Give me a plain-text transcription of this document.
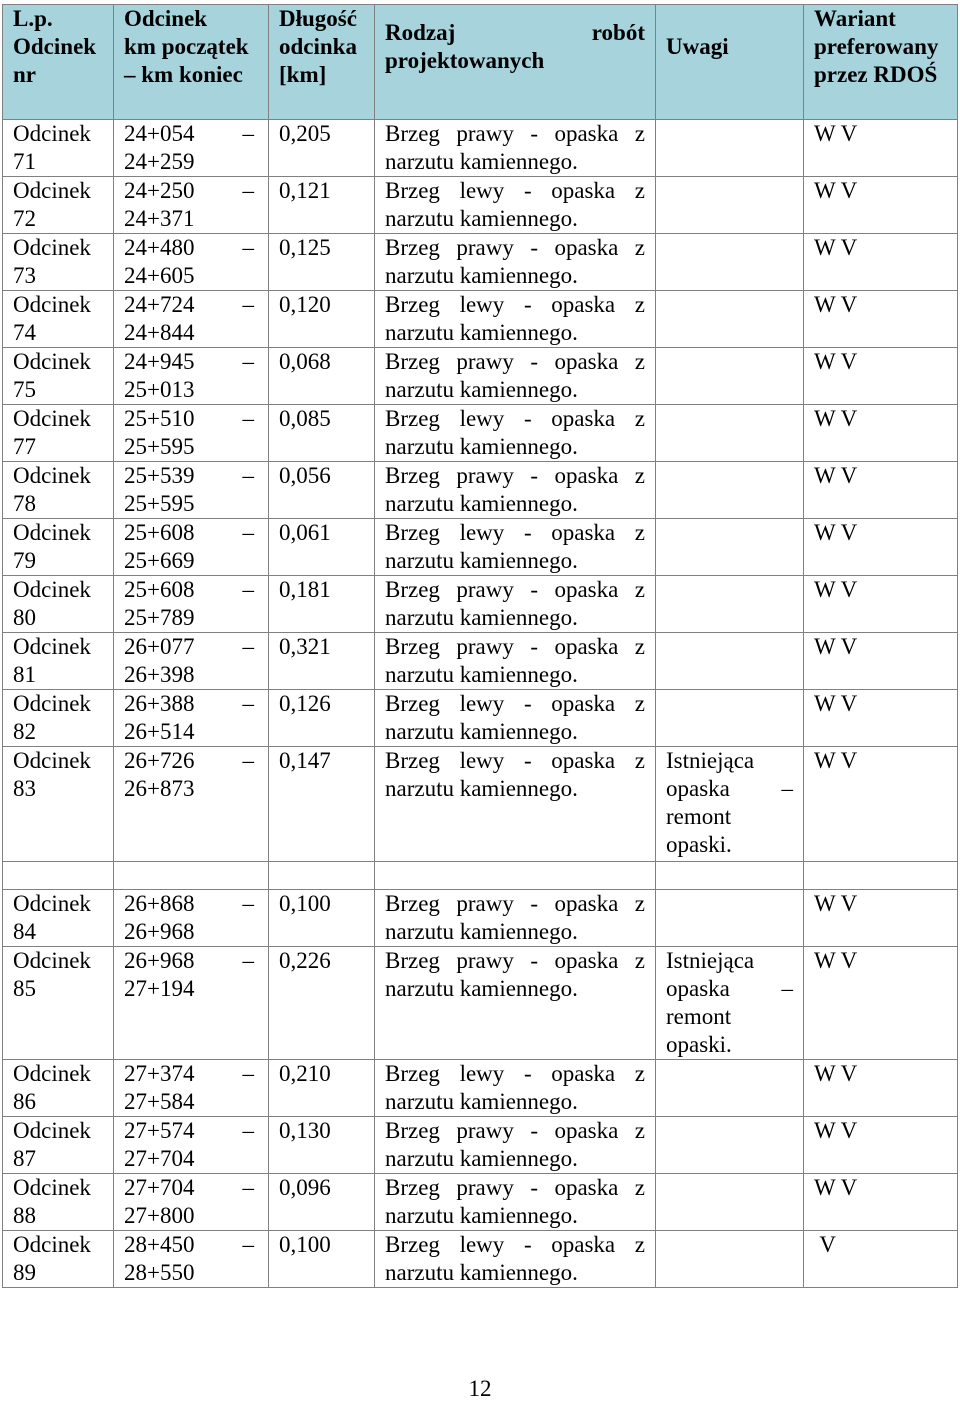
L.p.
Odcinek
nr	Odcinek
km początek
– km koniec	Długość
odcinka
[km]	Rodzaj robót
projektowanych	Uwagi	Wariant
preferowany
przez RDOŚ

Odcinek 71	24+054 –
24+259	0,205	Brzeg prawy - opaska z narzutu kamiennego.		W V
Odcinek 72	24+250 –
24+371	0,121	Brzeg lewy - opaska z narzutu kamiennego.		W V
Odcinek 73	24+480 –
24+605	0,125	Brzeg prawy - opaska z narzutu kamiennego.		W V
Odcinek 74	24+724 –
24+844	0,120	Brzeg lewy - opaska z narzutu kamiennego.		W V
Odcinek 75	24+945 –
25+013	0,068	Brzeg prawy - opaska z narzutu kamiennego.		W V
Odcinek 77	25+510 –
25+595	0,085	Brzeg lewy - opaska z narzutu kamiennego.		W V
Odcinek 78	25+539 –
25+595	0,056	Brzeg prawy - opaska z narzutu kamiennego.		W V
Odcinek 79	25+608 –
25+669	0,061	Brzeg lewy - opaska z narzutu kamiennego.		W V
Odcinek 80	25+608 –
25+789	0,181	Brzeg prawy - opaska z narzutu kamiennego.		W V
Odcinek 81	26+077 –
26+398	0,321	Brzeg prawy - opaska z narzutu kamiennego.		W V
Odcinek 82	26+388 –
26+514	0,126	Brzeg lewy - opaska z narzutu kamiennego.		W V
Odcinek 83	26+726 –
26+873	0,147	Brzeg lewy - opaska z narzutu kamiennego.	Istniejąca opaska – remont opaski.	W V

Odcinek 84	26+868 –
26+968	0,100	Brzeg prawy - opaska z narzutu kamiennego.		W V
Odcinek 85	26+968 –
27+194	0,226	Brzeg prawy - opaska z narzutu kamiennego.	Istniejąca opaska – remont opaski.	W V
Odcinek 86	27+374 –
27+584	0,210	Brzeg lewy - opaska z narzutu kamiennego.		W V
Odcinek 87	27+574 –
27+704	0,130	Brzeg prawy - opaska z narzutu kamiennego.		W V
Odcinek 88	27+704 –
27+800	0,096	Brzeg prawy - opaska z narzutu kamiennego.		W V
Odcinek 89	28+450 –
28+550	0,100	Brzeg lewy - opaska z narzutu kamiennego.		V
12
